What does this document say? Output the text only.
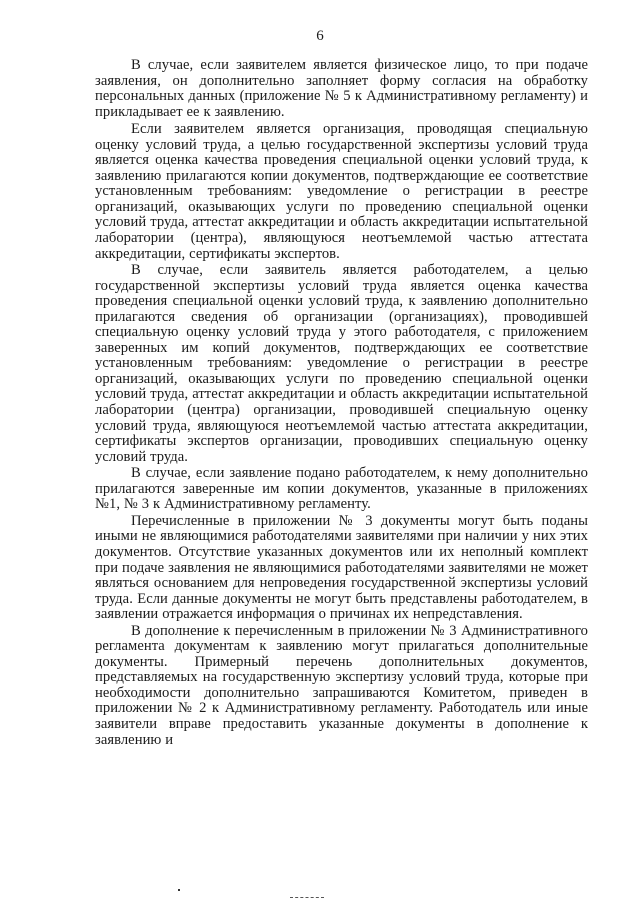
6

В случае, если заявителем является физическое лицо, то при подаче заявления, он дополнительно заполняет форму согласия на обработку персональных данных (приложение № 5 к Административному регламенту) и прикладывает ее к заявлению.

Если заявителем является организация, проводящая специальную оценку условий труда, а целью государственной экспертизы условий труда является оценка качества проведения специальной оценки условий труда, к заявлению прилагаются копии документов, подтверждающие ее соответствие установленным требованиям: уведомление о регистрации в реестре организаций, оказывающих услуги по проведению специальной оценки условий труда, аттестат аккредитации и область аккредитации испытательной лаборатории (центра), являющуюся неотъемлемой частью аттестата аккредитации, сертификаты экспертов.

В случае, если заявитель является работодателем, а целью государственной экспертизы условий труда является оценка качества проведения специальной оценки условий труда, к заявлению дополнительно прилагаются сведения об организации (организациях), проводившей специальную оценку условий труда у этого работодателя, с приложением заверенных им копий документов, подтверждающих ее соответствие установленным требованиям: уведомление о регистрации в реестре организаций, оказывающих услуги по проведению специальной оценки условий труда, аттестат аккредитации и область аккредитации испытательной лаборатории (центра) организации, проводившей специальную оценку условий труда, являющуюся неотъемлемой частью аттестата аккредитации, сертификаты экспертов организации, проводивших специальную оценку условий труда.

В случае, если заявление подано работодателем, к нему дополнительно прилагаются заверенные им копии документов, указанные в приложениях №1, № 3 к Административному регламенту.

Перечисленные в приложении № 3 документы могут быть поданы иными не являющимися работодателями заявителями при наличии у них этих документов. Отсутствие указанных документов или их неполный комплект при подаче заявления не являющимися работодателями заявителями не может являться основанием для непроведения государственной экспертизы условий труда. Если данные документы не могут быть представлены работодателем, в заявлении отражается информация о причинах их непредставления.

В дополнение к перечисленным в приложении № 3 Административного регламента документам к заявлению могут прилагаться дополнительные документы. Примерный перечень дополнительных документов, представляемых на государственную экспертизу условий труда, которые при необходимости дополнительно запрашиваются Комитетом, приведен в приложении № 2 к Административному регламенту. Работодатель или иные заявители вправе предоставить указанные документы в дополнение к заявлению и
